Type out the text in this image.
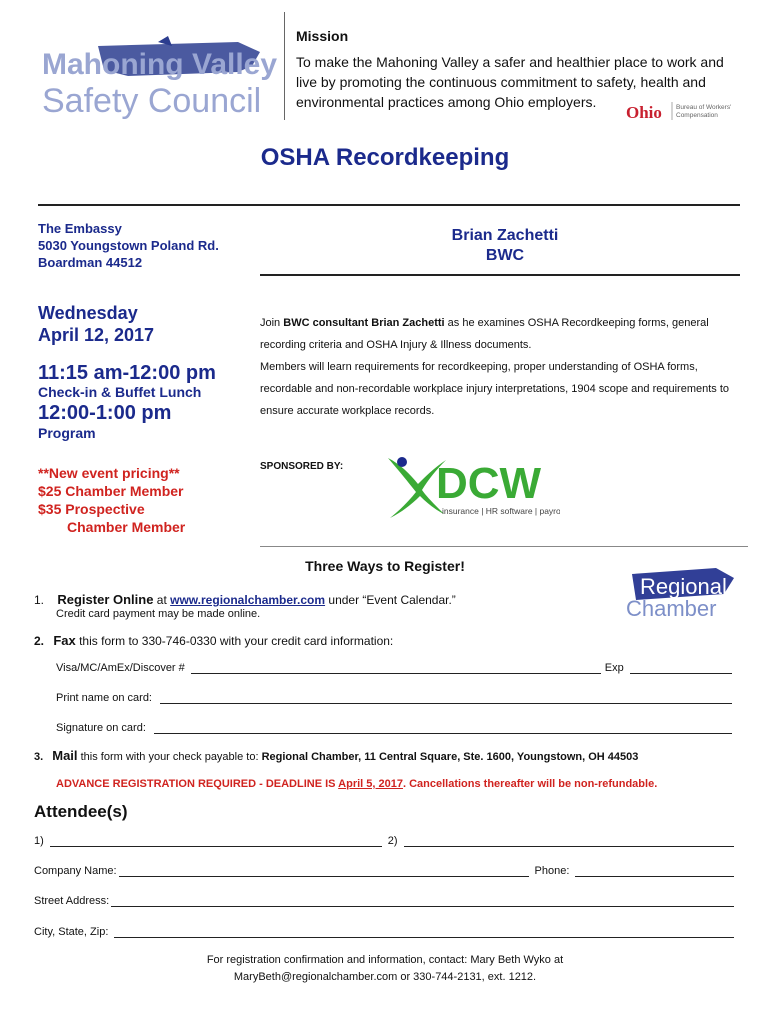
Mahoning Valley
Safety Council
Mission
To make the Mahoning Valley a safer and healthier place to work and live by promoting the continuous commitment to safety, health and environmental practices among Ohio employers.
Ohio Bureau of Workers'
Compensation
OSHA Recordkeeping
The Embassy
5030 Youngstown Poland Rd.
Boardman 44512
Wednesday
April 12, 2017
11:15 am-12:00 pm
Check-in & Buffet Lunch
12:00-1:00 pm
Program
**New event pricing**
$25 Chamber Member
$35 Prospective
Chamber Member
Brian Zachetti
BWC
Join BWC consultant Brian Zachetti as he examines OSHA Recordkeeping forms, general recording criteria and OSHA Injury & Illness documents.
Members will learn requirements for recordkeeping, proper understanding of OSHA forms, recordable and non-recordable workplace injury interpretations, 1904 scope and requirements to ensure accurate workplace records.
SPONSORED BY: DCW
insurance | HR software | payroll
Three Ways to Register!
Regional
Chamber
1. Register Online at www.regionalchamber.com under “Event Calendar.”
Credit card payment may be made online.
2. Fax this form to 330-746-0330 with your credit card information:
Visa/MC/AmEx/Discover #	Exp
Print name on card:
Signature on card:
3. Mail this form with your check payable to: Regional Chamber, 11 Central Square, Ste. 1600, Youngstown, OH 44503
ADVANCE REGISTRATION REQUIRED - DEADLINE IS April 5, 2017. Cancellations thereafter will be non-refundable.
Attendee(s)
1)	2)
Company Name:	Phone:
Street Address:
City, State, Zip:
For registration confirmation and information, contact: Mary Beth Wyko at
MaryBeth@regionalchamber.com or 330-744-2131, ext. 1212.
